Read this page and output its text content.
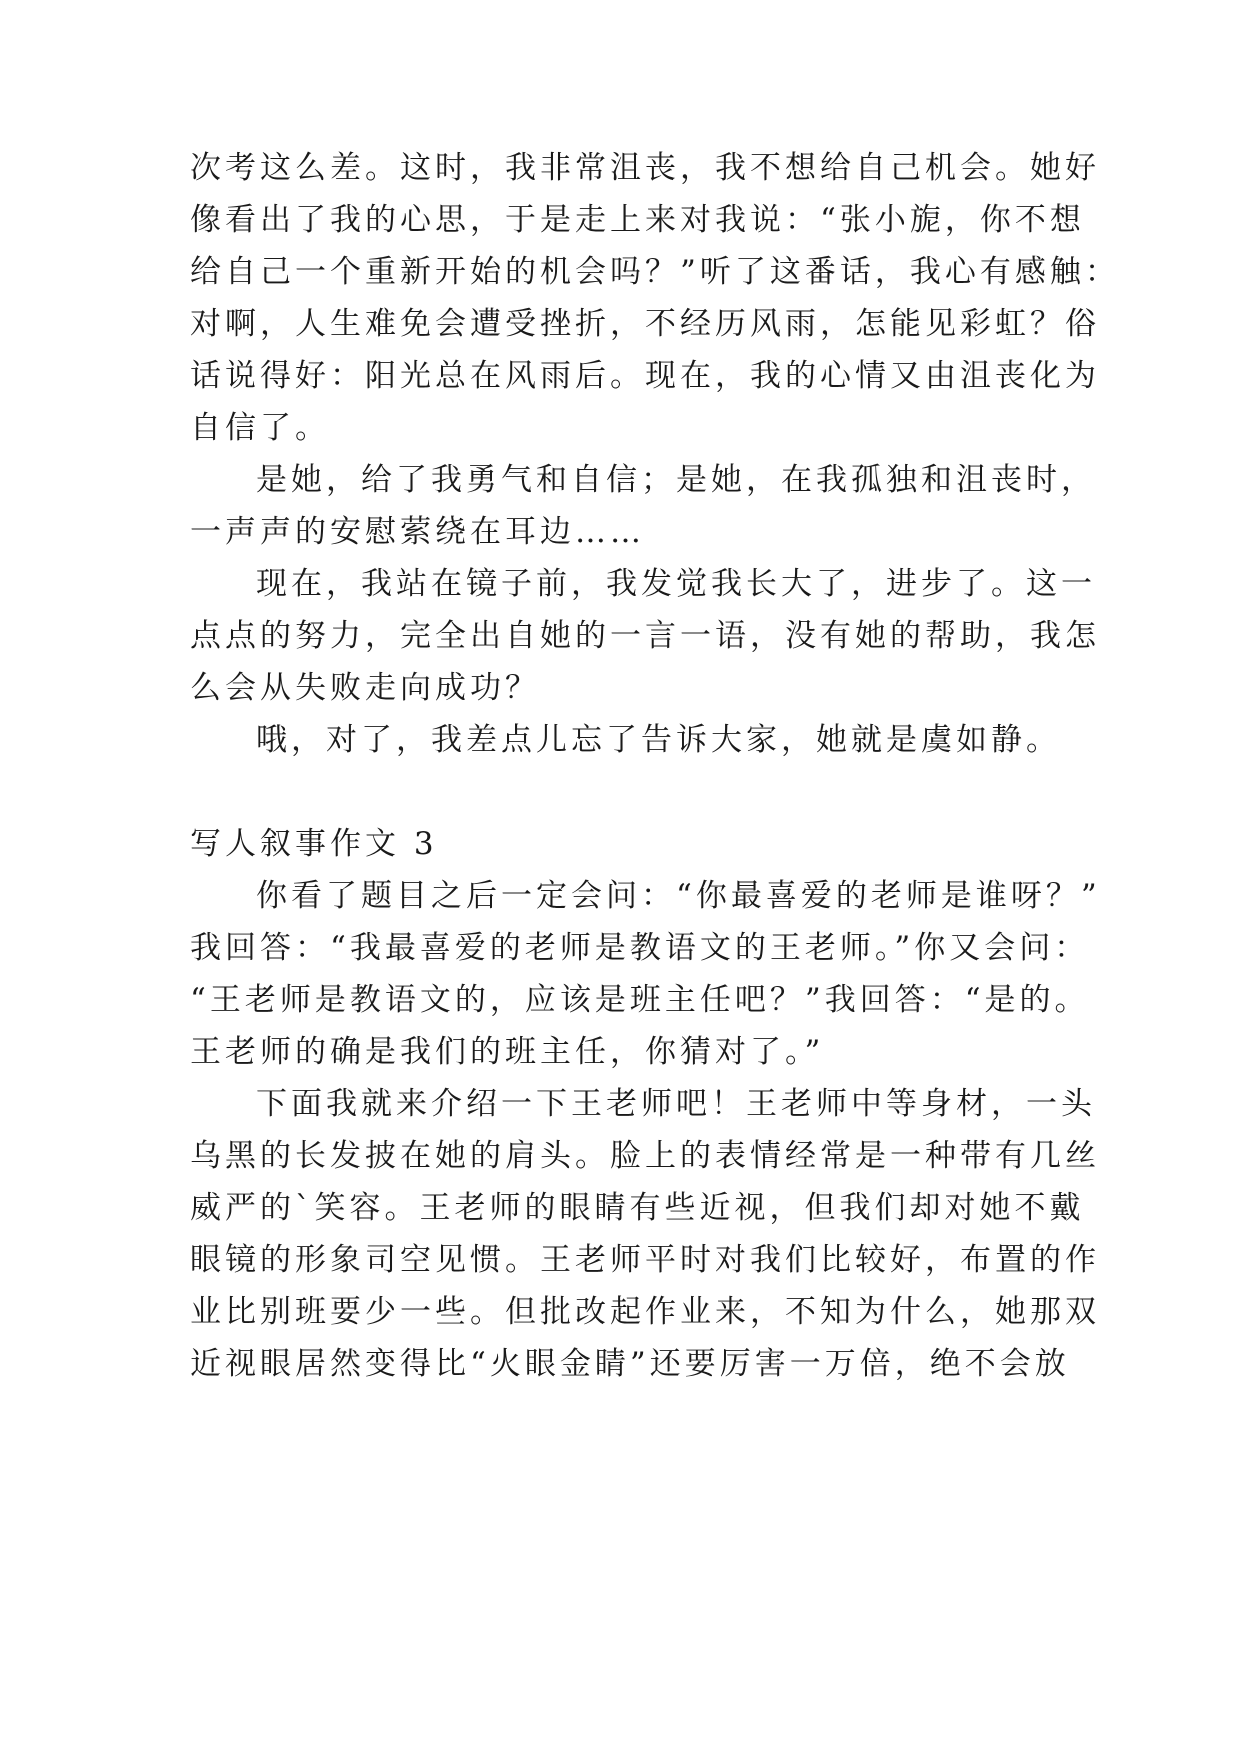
次考这么差。这时，我非常沮丧，我不想给自己机会。她好
像看出了我的心思，于是走上来对我说：“张小旎，你不想
给自己一个重新开始的机会吗？”听了这番话，我心有感触：
对啊，人生难免会遭受挫折，不经历风雨，怎能见彩虹？俗
话说得好：阳光总在风雨后。现在，我的心情又由沮丧化为
自信了。
是她，给了我勇气和自信；是她，在我孤独和沮丧时，
一声声的安慰萦绕在耳边……
现在，我站在镜子前，我发觉我长大了，进步了。这一
点点的努力，完全出自她的一言一语，没有她的帮助，我怎
么会从失败走向成功？
哦，对了，我差点儿忘了告诉大家，她就是虞如静。
写人叙事作文 3
你看了题目之后一定会问：“你最喜爱的老师是谁呀？”
我回答：“我最喜爱的老师是教语文的王老师。”你又会问：
“王老师是教语文的，应该是班主任吧？”我回答：“是的。
王老师的确是我们的班主任，你猜对了。”
下面我就来介绍一下王老师吧！王老师中等身材，一头
乌黑的长发披在她的肩头。脸上的表情经常是一种带有几丝
威严的`笑容。王老师的眼睛有些近视，但我们却对她不戴
眼镜的形象司空见惯。王老师平时对我们比较好，布置的作
业比别班要少一些。但批改起作业来，不知为什么，她那双
近视眼居然变得比“火眼金睛”还要厉害一万倍，绝不会放
